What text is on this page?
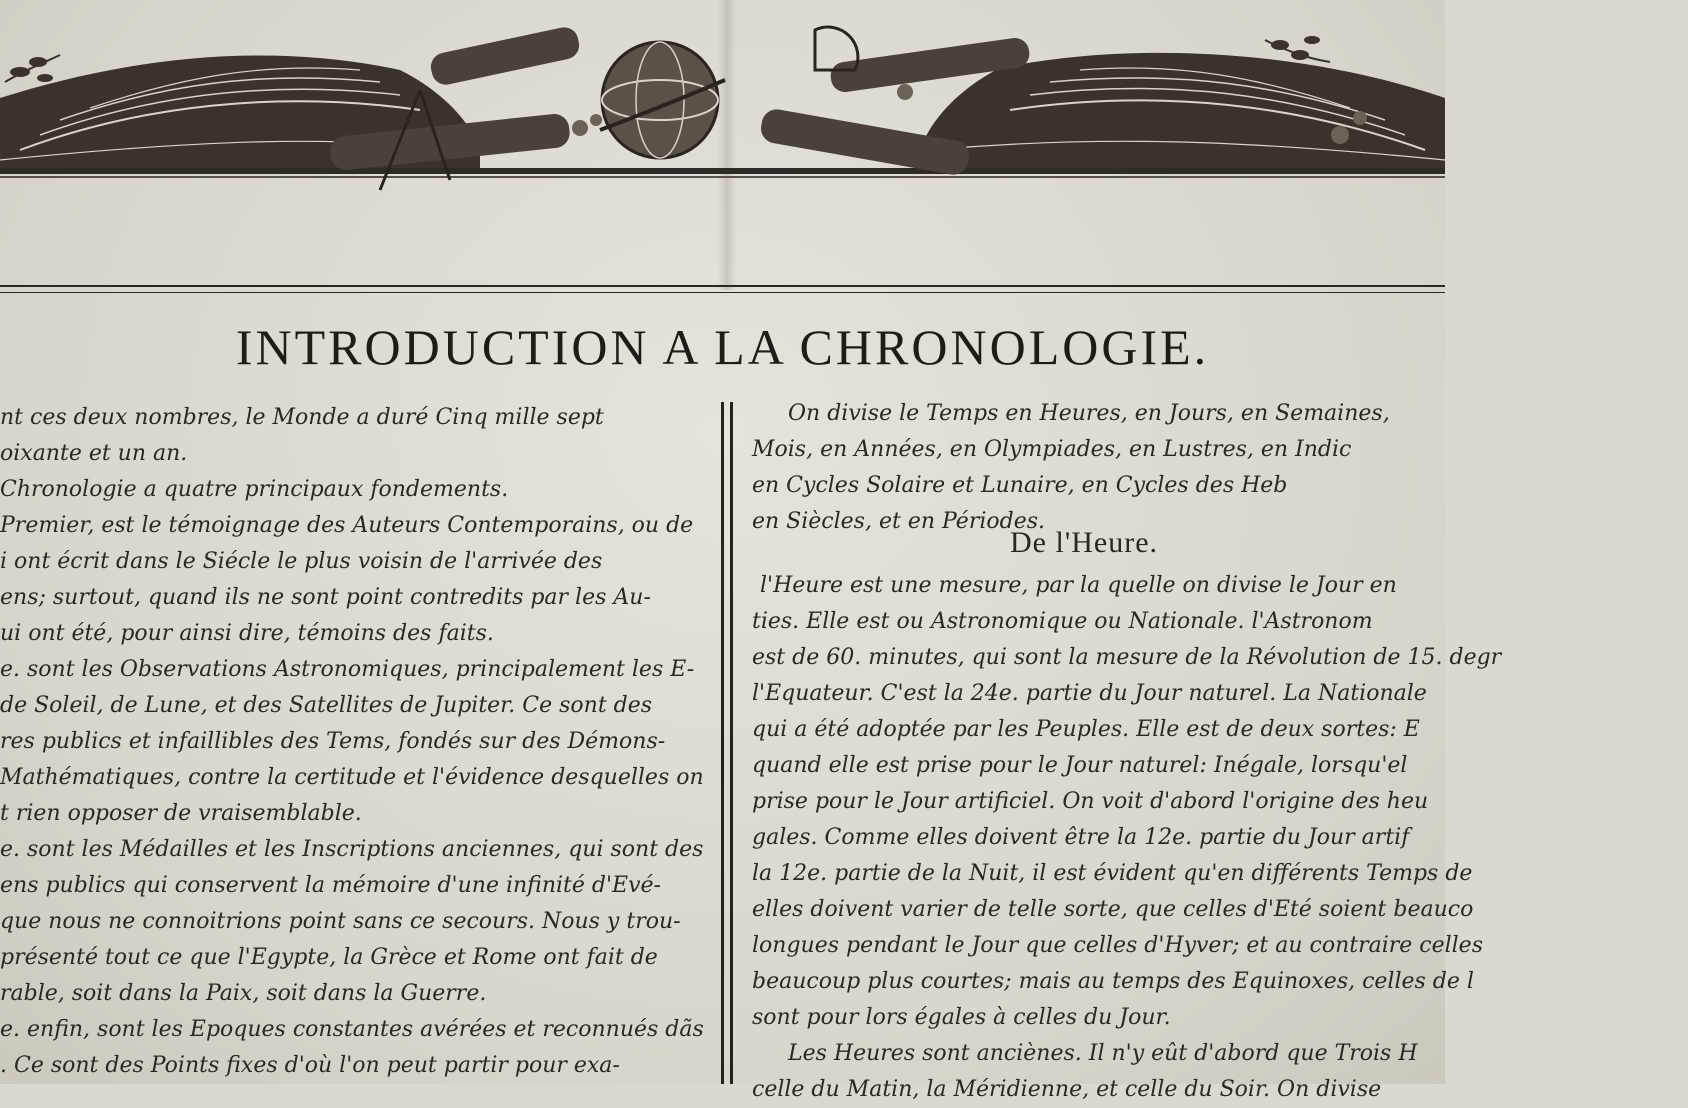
INTRODUCTION A LA CHRONOLOGIE.
nt ces deux nombres, le Monde a duré Cinq mille sept
oixante et un an.
Chronologie a quatre principaux fondements.
Premier, est le témoignage des Auteurs Contemporains, ou de
i ont écrit dans le Siécle le plus voisin de l'arrivée des
ens; surtout, quand ils ne sont point contredits par les Au-
ui ont été, pour ainsi dire, témoins des faits.
e. sont les Observations Astronomiques, principalement les E-
de Soleil, de Lune, et des Satellites de Jupiter. Ce sont des
res publics et infaillibles des Tems, fondés sur des Démons-
Mathématiques, contre la certitude et l'évidence desquelles on
t rien opposer de vraisemblable.
e. sont les Médailles et les Inscriptions anciennes, qui sont des
ens publics qui conservent la mémoire d'une infinité d'Evé-
que nous ne connoitrions point sans ce secours. Nous y trou-
présenté tout ce que l'Egypte, la Grèce et Rome ont fait de
rable, soit dans la Paix, soit dans la Guerre.
e. enfin, sont les Epoques constantes avérées et reconnués dãs
. Ce sont des Points fixes d'où l'on peut partir pour exa-
On divise le Temps en Heures, en Jours, en Semaines,
Mois, en Années, en Olympiades, en Lustres, en Indic
en Cycles Solaire et Lunaire, en Cycles des Heb
en Siècles, et en Périodes.
De l'Heure.
l'Heure est une mesure, par la quelle on divise le Jour en
ties. Elle est ou Astronomique ou Nationale. l'Astronom
est de 60. minutes, qui sont la mesure de la Révolution de 15. degr
l'Equateur. C'est la 24e. partie du Jour naturel. La Nationale
qui a été adoptée par les Peuples. Elle est de deux sortes: E
quand elle est prise pour le Jour naturel: Inégale, lorsqu'el
prise pour le Jour artificiel. On voit d'abord l'origine des heu
gales. Comme elles doivent être la 12e. partie du Jour artif
la 12e. partie de la Nuit, il est évident qu'en différents Temps de
elles doivent varier de telle sorte, que celles d'Eté soient beauco
longues pendant le Jour que celles d'Hyver; et au contraire celles
beaucoup plus courtes; mais au temps des Equinoxes, celles de l
sont pour lors égales à celles du Jour.
Les Heures sont anciènes. Il n'y eût d'abord que Trois H
celle du Matin, la Méridienne, et celle du Soir. On divise
